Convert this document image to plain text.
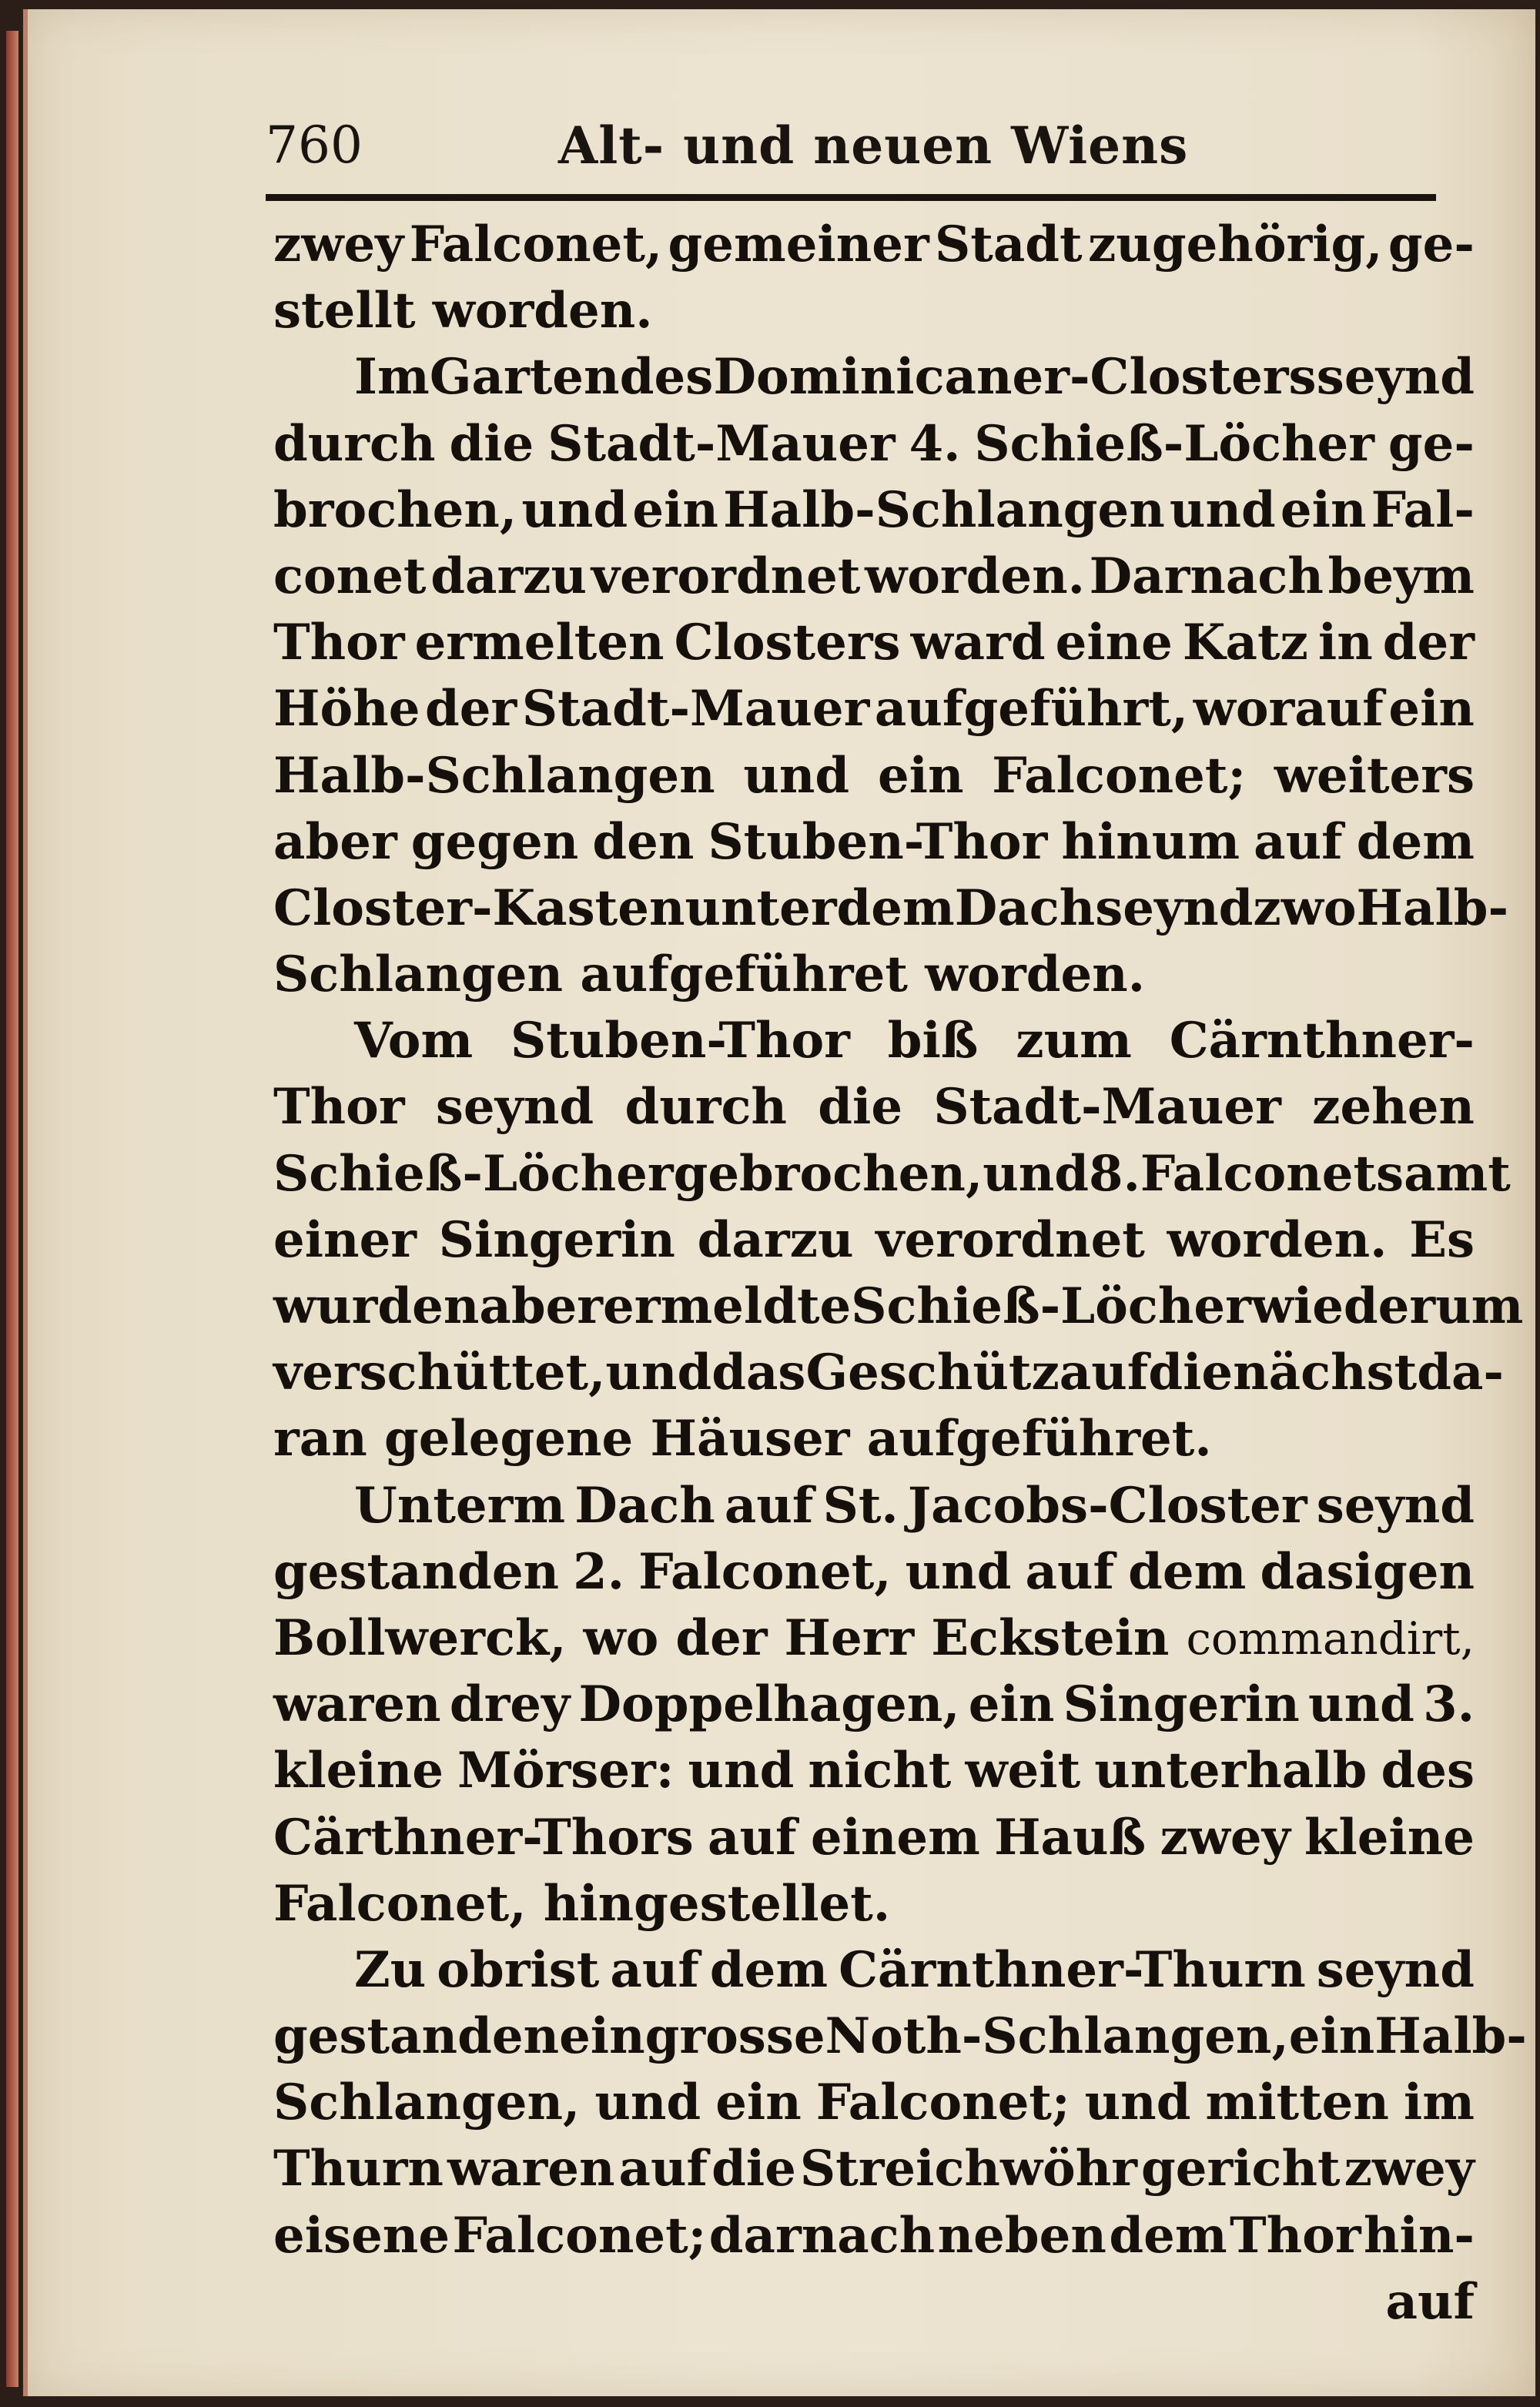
760	Alt- und neuen Wiens
zwey Falconet, gemeiner Stadt zugehörig, ge-
stellt worden.
Im Garten des Dominicaner-Closters seynd
durch die Stadt-Mauer 4. Schieß-Löcher ge-
brochen, und ein Halb-Schlangen und ein Fal-
conet darzu verordnet worden. Darnach beym
Thor ermelten Closters ward eine Katz in der
Höhe der Stadt-Mauer aufgeführt, worauf ein
Halb-Schlangen und ein Falconet; weiters
aber gegen den Stuben-Thor hinum auf dem
Closter-Kasten unter dem Dach seynd zwo Halb-
Schlangen aufgeführet worden.
Vom Stuben-Thor biß zum Cärnthner-
Thor seynd durch die Stadt-Mauer zehen
Schieß-Löcher gebrochen, und 8. Falconet samt
einer Singerin darzu verordnet worden. Es
wurden aber ermeldte Schieß-Löcher wiederum
verschüttet, und das Geschütz auf die nächst da-
ran gelegene Häuser aufgeführet.
Unterm Dach auf St. Jacobs-Closter seynd
gestanden 2. Falconet, und auf dem dasigen
Bollwerck, wo der Herr Eckstein commandirt,
waren drey Doppelhagen, ein Singerin und 3.
kleine Mörser: und nicht weit unterhalb des
Cärthner-Thors auf einem Hauß zwey kleine
Falconet, hingestellet.
Zu obrist auf dem Cärnthner-Thurn seynd
gestanden ein grosse Noth-Schlangen, ein Halb-
Schlangen, und ein Falconet; und mitten im
Thurn waren auf die Streichwöhr gericht zwey
eisene Falconet; darnach neben dem Thor hin-
auf
